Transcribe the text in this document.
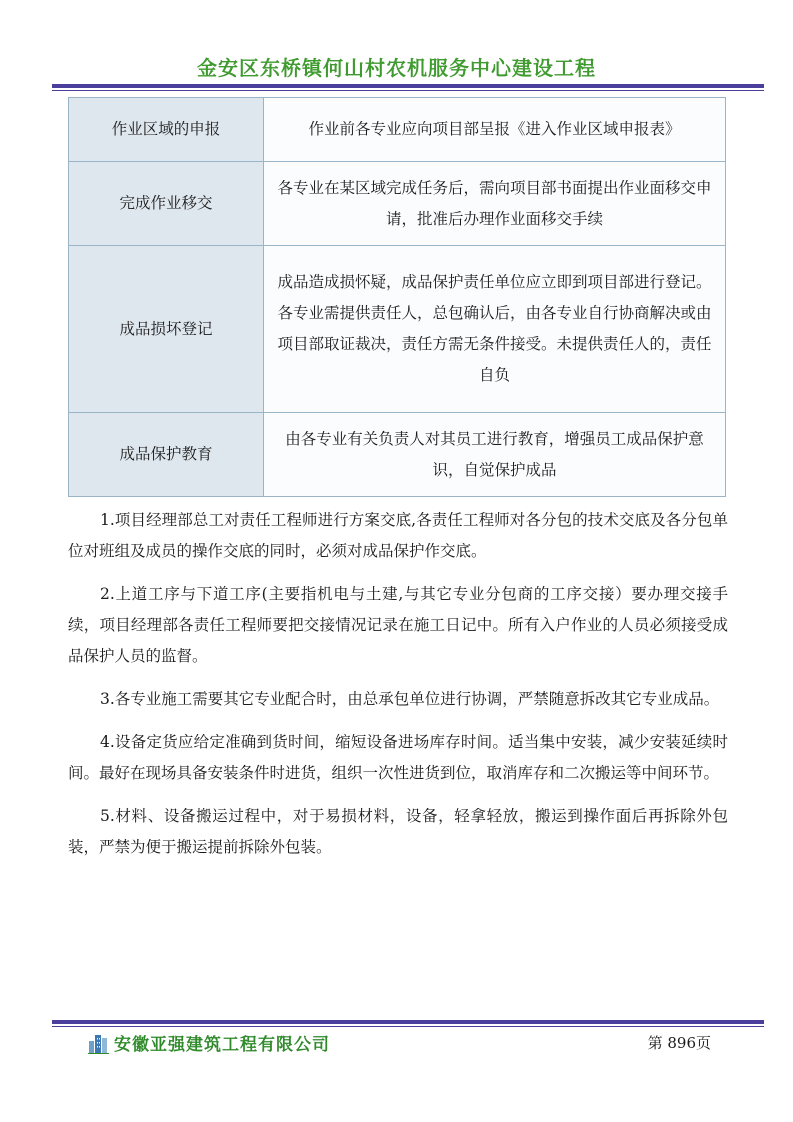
金安区东桥镇何山村农机服务中心建设工程
作业区域的申报	作业前各专业应向项目部呈报《进入作业区域申报表》
完成作业移交	各专业在某区域完成任务后，需向项目部书面提出作业面移交申请，批准后办理作业面移交手续
成品损坏登记	成品造成损怀疑，成品保护责任单位应立即到项目部进行登记。各专业需提供责任人，总包确认后，由各专业自行协商解决或由项目部取证裁决，责任方需无条件接受。未提供责任人的，责任自负
成品保护教育	由各专业有关负责人对其员工进行教育，增强员工成品保护意识，自觉保护成品

1.项目经理部总工对责任工程师进行方案交底,各责任工程师对各分包的技术交底及各分包单位对班组及成员的操作交底的同时，必须对成品保护作交底。

2.上道工序与下道工序(主要指机电与土建,与其它专业分包商的工序交接）要办理交接手续，项目经理部各责任工程师要把交接情况记录在施工日记中。所有入户作业的人员必须接受成品保护人员的监督。

3.各专业施工需要其它专业配合时，由总承包单位进行协调，严禁随意拆改其它专业成品。

4.设备定货应给定准确到货时间，缩短设备进场库存时间。适当集中安装，减少安装延续时间。最好在现场具备安装条件时进货，组织一次性进货到位，取消库存和二次搬运等中间环节。

5.材料、设备搬运过程中，对于易损材料，设备，轻拿轻放，搬运到操作面后再拆除外包装，严禁为便于搬运提前拆除外包装。

安徽亚强建筑工程有限公司	第 896页
